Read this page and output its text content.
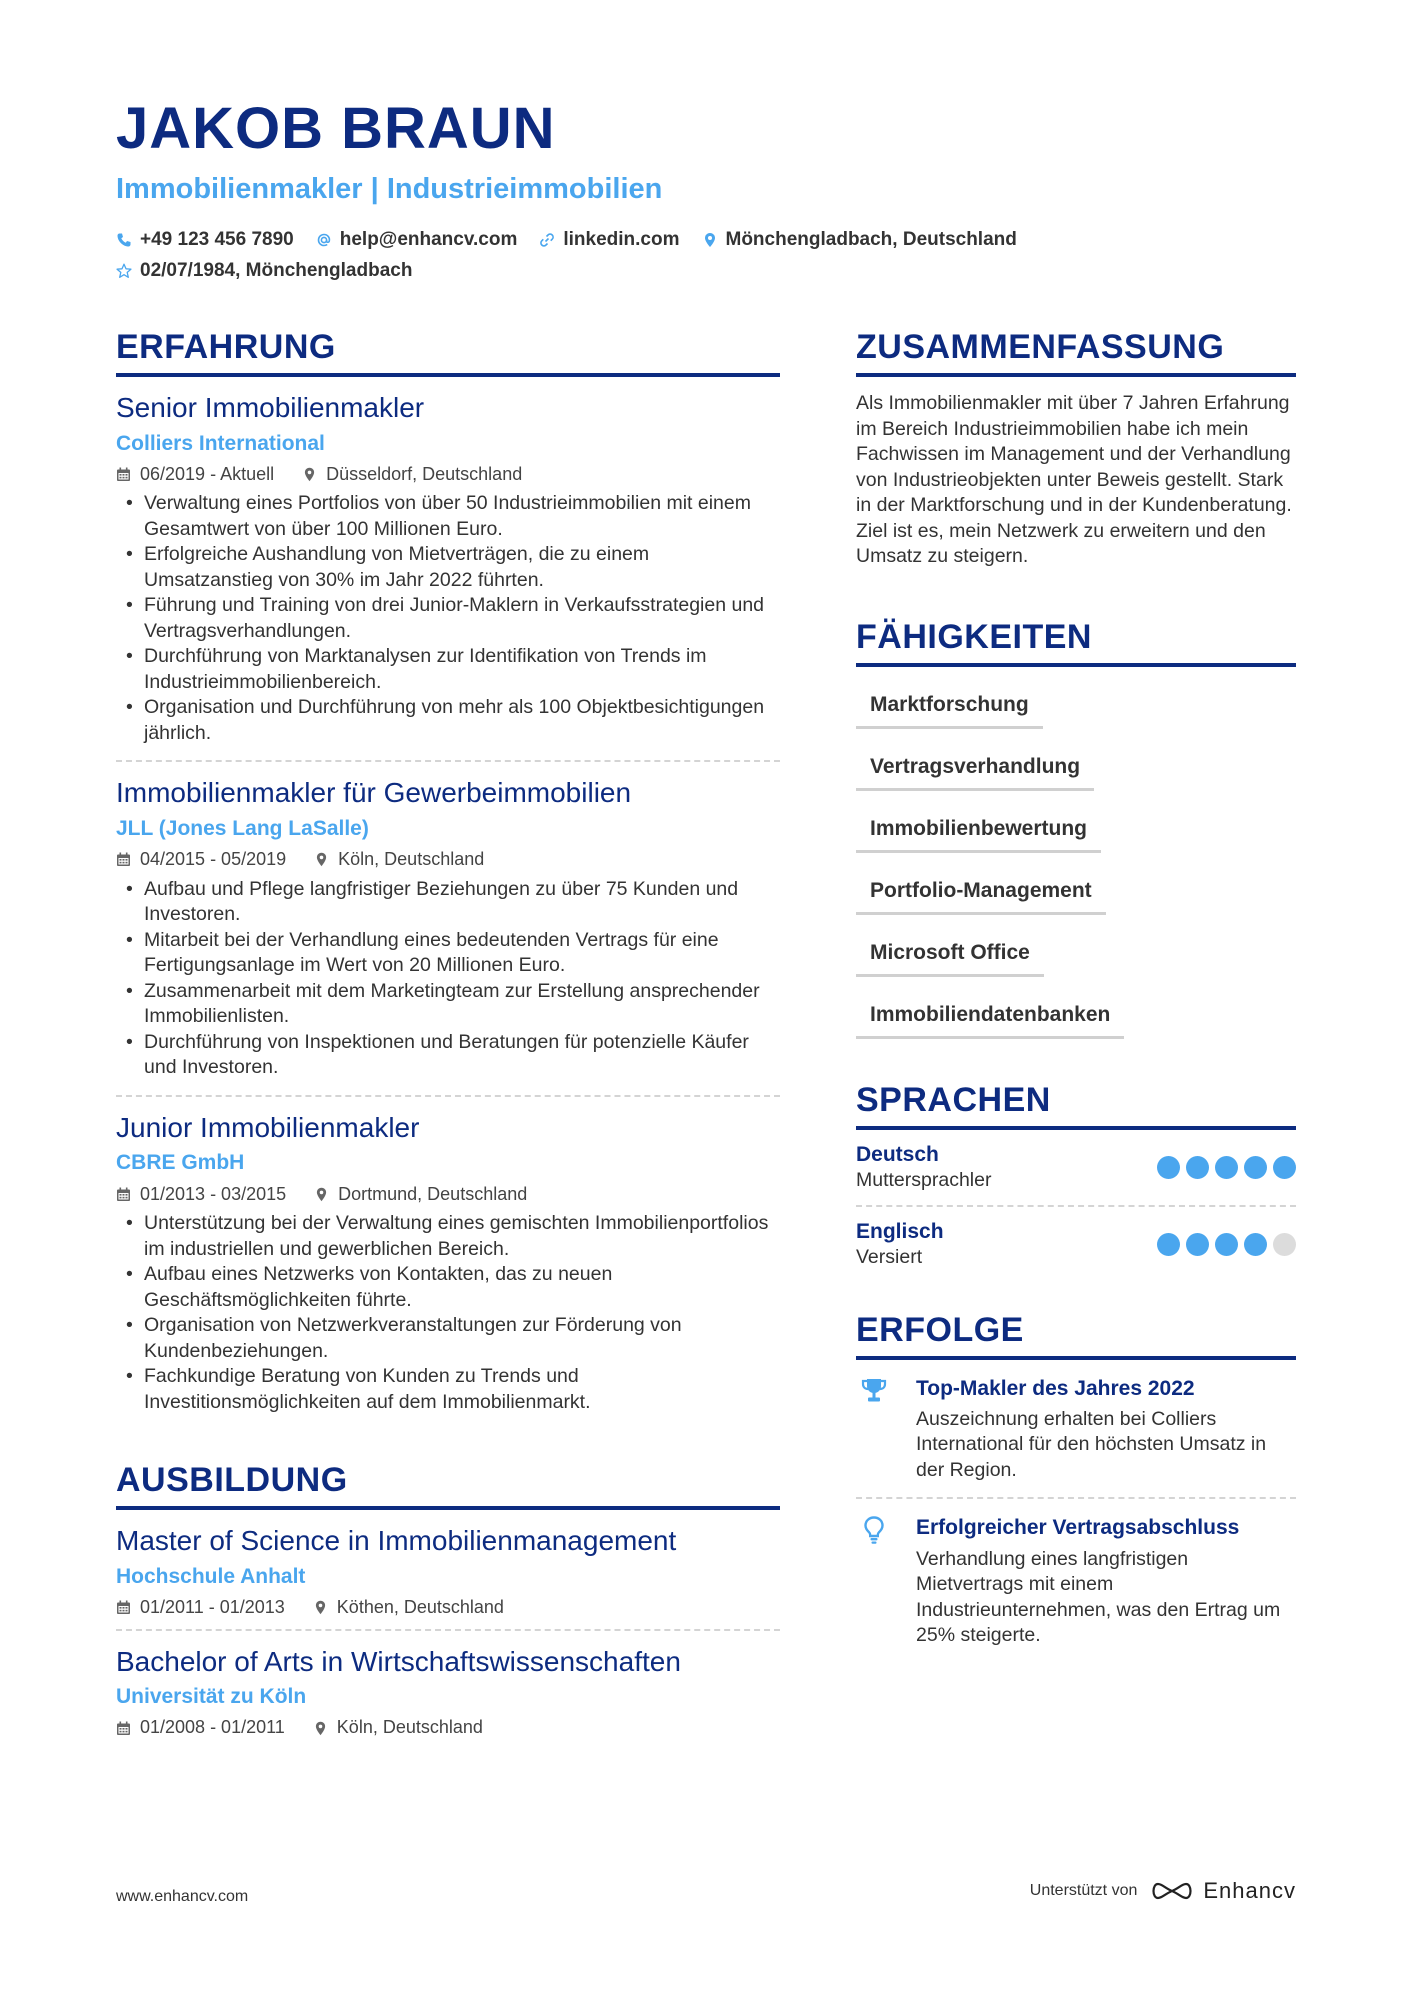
JAKOB BRAUN
Immobilienmakler | Industrieimmobilien
+49 123 456 7890 help@enhancv.com linkedin.com Mönchengladbach, Deutschland
02/07/1984, Mönchengladbach
ERFAHRUNG
Senior Immobilienmakler
Colliers International
06/2019 - Aktuell	Düsseldorf, Deutschland
• Verwaltung eines Portfolios von über 50 Industrieimmobilien mit einem Gesamtwert von über 100 Millionen Euro.
• Erfolgreiche Aushandlung von Mietverträgen, die zu einem Umsatzanstieg von 30% im Jahr 2022 führten.
• Führung und Training von drei Junior-Maklern in Verkaufsstrategien und Vertragsverhandlungen.
• Durchführung von Marktanalysen zur Identifikation von Trends im Industrieimmobilienbereich.
• Organisation und Durchführung von mehr als 100 Objektbesichtigungen jährlich.
Immobilienmakler für Gewerbeimmobilien
JLL (Jones Lang LaSalle)
04/2015 - 05/2019	Köln, Deutschland
• Aufbau und Pflege langfristiger Beziehungen zu über 75 Kunden und Investoren.
• Mitarbeit bei der Verhandlung eines bedeutenden Vertrags für eine Fertigungsanlage im Wert von 20 Millionen Euro.
• Zusammenarbeit mit dem Marketingteam zur Erstellung ansprechender Immobilienlisten.
• Durchführung von Inspektionen und Beratungen für potenzielle Käufer und Investoren.
Junior Immobilienmakler
CBRE GmbH
01/2013 - 03/2015	Dortmund, Deutschland
• Unterstützung bei der Verwaltung eines gemischten Immobilienportfolios im industriellen und gewerblichen Bereich.
• Aufbau eines Netzwerks von Kontakten, das zu neuen Geschäftsmöglichkeiten führte.
• Organisation von Netzwerkveranstaltungen zur Förderung von Kundenbeziehungen.
• Fachkundige Beratung von Kunden zu Trends und Investitionsmöglichkeiten auf dem Immobilienmarkt.
AUSBILDUNG
Master of Science in Immobilienmanagement
Hochschule Anhalt
01/2011 - 01/2013	Köthen, Deutschland
Bachelor of Arts in Wirtschaftswissenschaften
Universität zu Köln
01/2008 - 01/2011	Köln, Deutschland
ZUSAMMENFASSUNG
Als Immobilienmakler mit über 7 Jahren Erfahrung im Bereich Industrieimmobilien habe ich mein Fachwissen im Management und der Verhandlung von Industrieobjekten unter Beweis gestellt. Stark in der Marktforschung und in der Kundenberatung. Ziel ist es, mein Netzwerk zu erweitern und den Umsatz zu steigern.
FÄHIGKEITEN
Marktforschung
Vertragsverhandlung
Immobilienbewertung
Portfolio-Management
Microsoft Office
Immobiliendatenbanken
SPRACHEN
Deutsch
Muttersprachler
Englisch
Versiert
ERFOLGE
Top-Makler des Jahres 2022
Auszeichnung erhalten bei Colliers International für den höchsten Umsatz in der Region.
Erfolgreicher Vertragsabschluss
Verhandlung eines langfristigen Mietvertrags mit einem Industrieunternehmen, was den Ertrag um 25% steigerte.
www.enhancv.com	Unterstützt von	Enhancv
